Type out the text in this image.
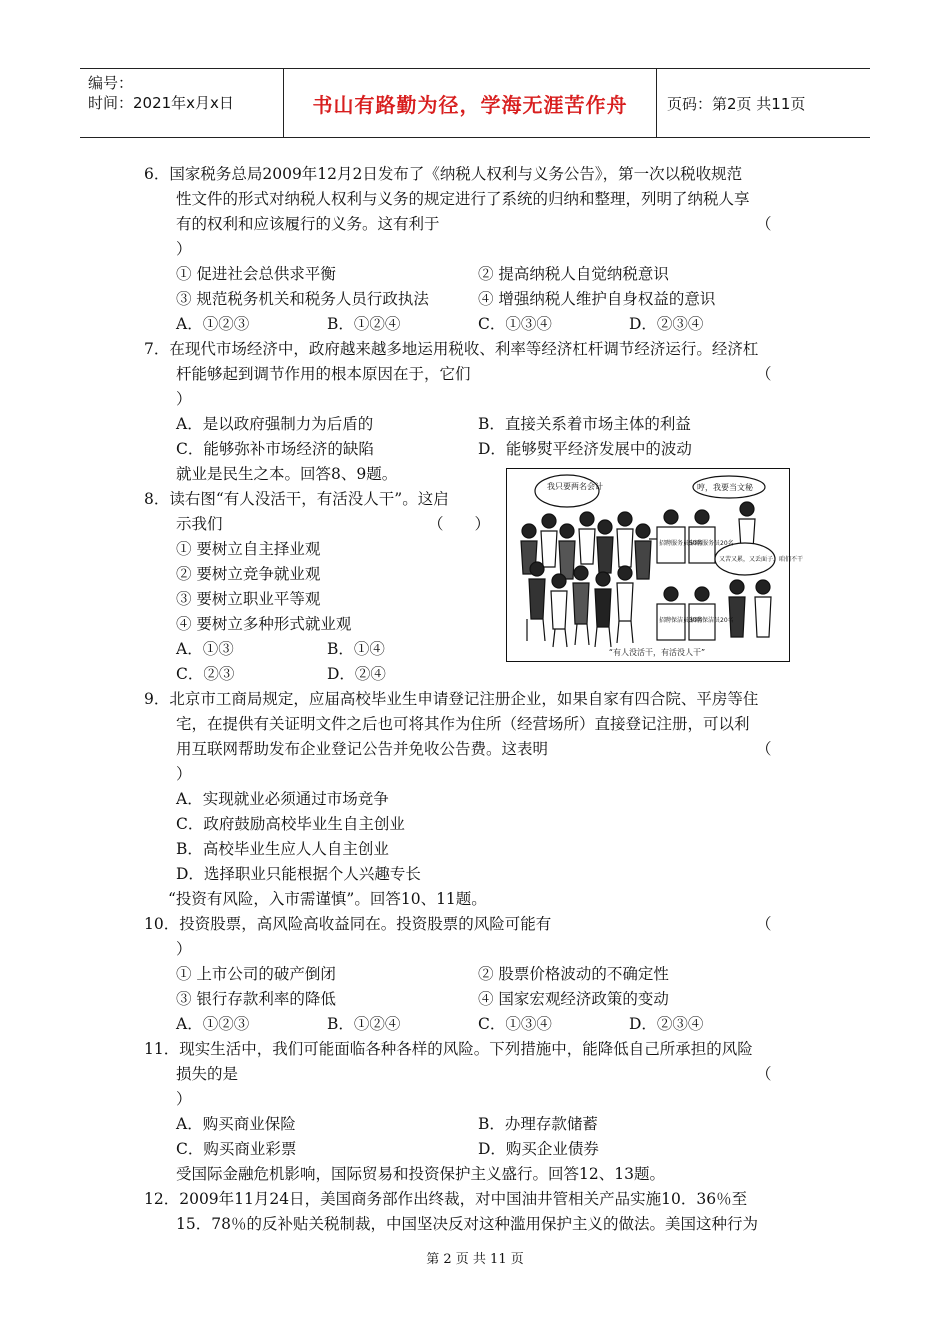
编号：
时间：2021年x月x日	书山有路勤为径，学海无涯苦作舟	页码：第2页 共11页
6．国家税务总局2009年12月2日发布了《纳税人权利与义务公告》，第一次以税收规范
性文件的形式对纳税人权利与义务的规定进行了系统的归纳和整理，列明了纳税人享
有的权利和应该履行的义务。这有利于	（
）
① 促进社会总供求平衡	② 提高纳税人自觉纳税意识
③ 规范税务机关和税务人员行政执法	④ 增强纳税人维护自身权益的意识
A．①②③	B．①②④	C．①③④	D．②③④
7．在现代市场经济中，政府越来越多地运用税收、利率等经济杠杆调节经济运行。经济杠
杆能够起到调节作用的根本原因在于，它们	（
）
A．是以政府强制力为后盾的	B．直接关系着市场主体的利益
C．能够弥补市场经济的缺陷	D．能够熨平经济发展中的波动
就业是民生之本。回答8、9题。
8．读右图“有人没活干，有活没人干”。这启
示我们	（　　）
① 要树立自主择业观
② 要树立竞争就业观
③ 要树立职业平等观
④ 要树立多种形式就业观
A．①③	B．①④
C．②③	D．②④
9．北京市工商局规定，应届高校毕业生申请登记注册企业，如果自家有四合院、平房等住
宅，在提供有关证明文件之后也可将其作为住所（经营场所）直接登记注册，可以利
用互联网帮助发布企业登记公告并免收公告费。这表明	（
）
A．实现就业必须通过市场竞争
C．政府鼓励高校毕业生自主创业
B．高校毕业生应人人自主创业
D．选择职业只能根据个人兴趣专长
“投资有风险，入市需谨慎”。回答10、11题。
10．投资股票，高风险高收益同在。投资股票的风险可能有	（
）
① 上市公司的破产倒闭	② 股票价格波动的不确定性
③ 银行存款利率的降低	④ 国家宏观经济政策的变动
A．①②③	B．①②④	C．①③④	D．②③④
11．现实生活中，我们可能面临各种各样的风险。下列措施中，能降低自己所承担的风险
损失的是	（
）
A．购买商业保险	B．办理存款储蓄
C．购买商业彩票	D．购买企业债券
受国际金融危机影响，国际贸易和投资保护主义盛行。回答12、13题。
12．2009年11月24日，美国商务部作出终裁，对中国油井管相关产品实施10．36％至
15．78％的反补贴关税制裁，中国坚决反对这种滥用保护主义的做法。美国这种行为
我只要两名会计	哼，我要当文秘
招聘服务员50名
招聘服务员20名
又苦又累，又丢面子，咱们不干
招聘保洁员30名
招聘保洁员20名
“有人没活干，有活没人干”
第 2 页 共 11 页
